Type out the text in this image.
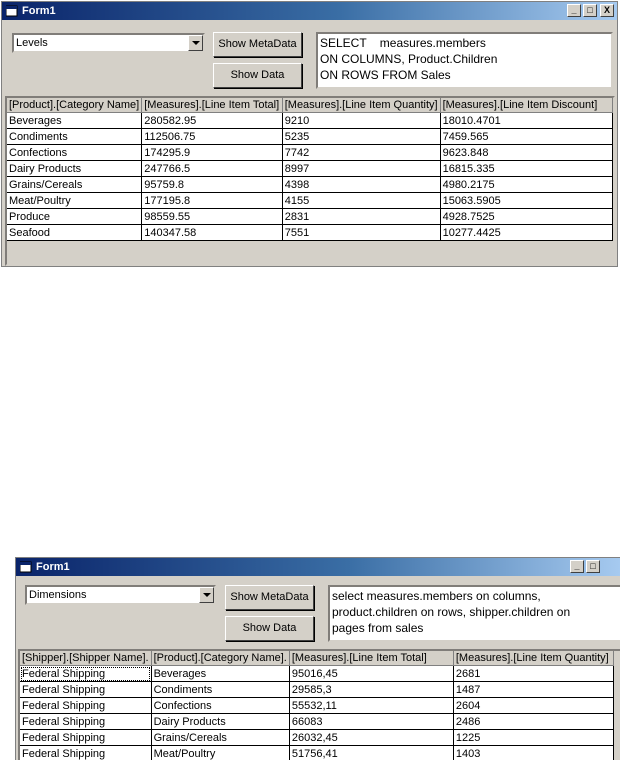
Form1	_	□	X
Levels	Show MetaData
Show Data
SELECT    measures.members
ON COLUMNS, Product.Children
ON ROWS FROM Sales
[Product].[Category Name]	[Measures].[Line Item Total]	[Measures].[Line Item Quantity]	[Measures].[Line Item Discount]
Beverages	280582.95	9210	18010.4701
Condiments	112506.75	5235	7459.565
Confections	174295.9	7742	9623.848
Dairy Products	247766.5	8997	16815.335
Grains/Cereals	95759.8	4398	4980.2175
Meat/Poultry	177195.8	4155	15063.5905
Produce	98559.55	2831	4928.7525
Seafood	140347.58	7551	10277.4425
Form1	_	□
Dimensions	Show MetaData
Show Data
select measures.members on columns,
product.children on rows, shipper.children on
pages from sales
[Shipper].[Shipper Name].	[Product].[Category Name].	[Measures].[Line Item Total]	[Measures].[Line Item Quantity]
Federal Shipping	Beverages	95016,45	2681
Federal Shipping	Condiments	29585,3	1487
Federal Shipping	Confections	55532,11	2604
Federal Shipping	Dairy Products	66083	2486
Federal Shipping	Grains/Cereals	26032,45	1225
Federal Shipping	Meat/Poultry	51756,41	1403
